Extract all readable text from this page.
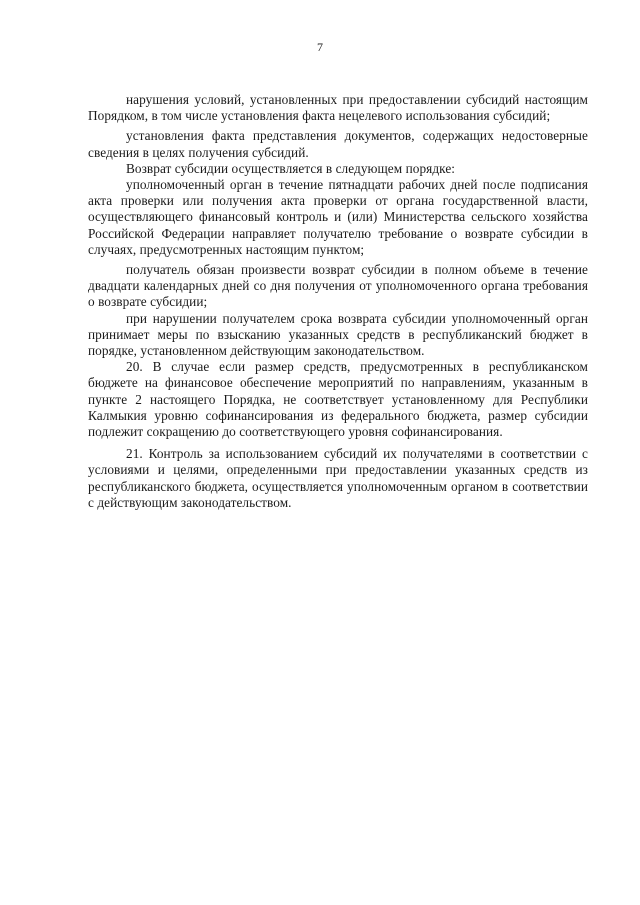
7

нарушения условий, установленных при предоставлении субсидий настоящим Порядком, в том числе установления факта нецелевого использования субсидий;

установления факта представления документов, содержащих недостоверные сведения в целях получения субсидий.

Возврат субсидии осуществляется в следующем порядке:

уполномоченный орган в течение пятнадцати рабочих дней после подписания акта проверки или получения акта проверки от органа государственной власти, осуществляющего финансовый контроль и (или) Министерства сельского хозяйства Российской Федерации направляет получателю требование о возврате субсидии в случаях, предусмотренных настоящим пунктом;

получатель обязан произвести возврат субсидии в полном объеме в течение двадцати календарных дней со дня получения от уполномоченного органа требования о возврате субсидии;

при нарушении получателем срока возврата субсидии уполномоченный орган принимает меры по взысканию указанных средств в республиканский бюджет в порядке, установленном действующим законодательством.

20. В случае если размер средств, предусмотренных в республиканском бюджете на финансовое обеспечение мероприятий по направлениям, указанным в пункте 2 настоящего Порядка, не соответствует установленному для Республики Калмыкия уровню софинансирования из федерального бюджета, размер субсидии подлежит сокращению до соответствующего уровня софинансирования.

21. Контроль за использованием субсидий их получателями в соответствии с условиями и целями, определенными при предоставлении указанных средств из республиканского бюджета, осуществляется уполномоченным органом в соответствии с действующим законодательством.
